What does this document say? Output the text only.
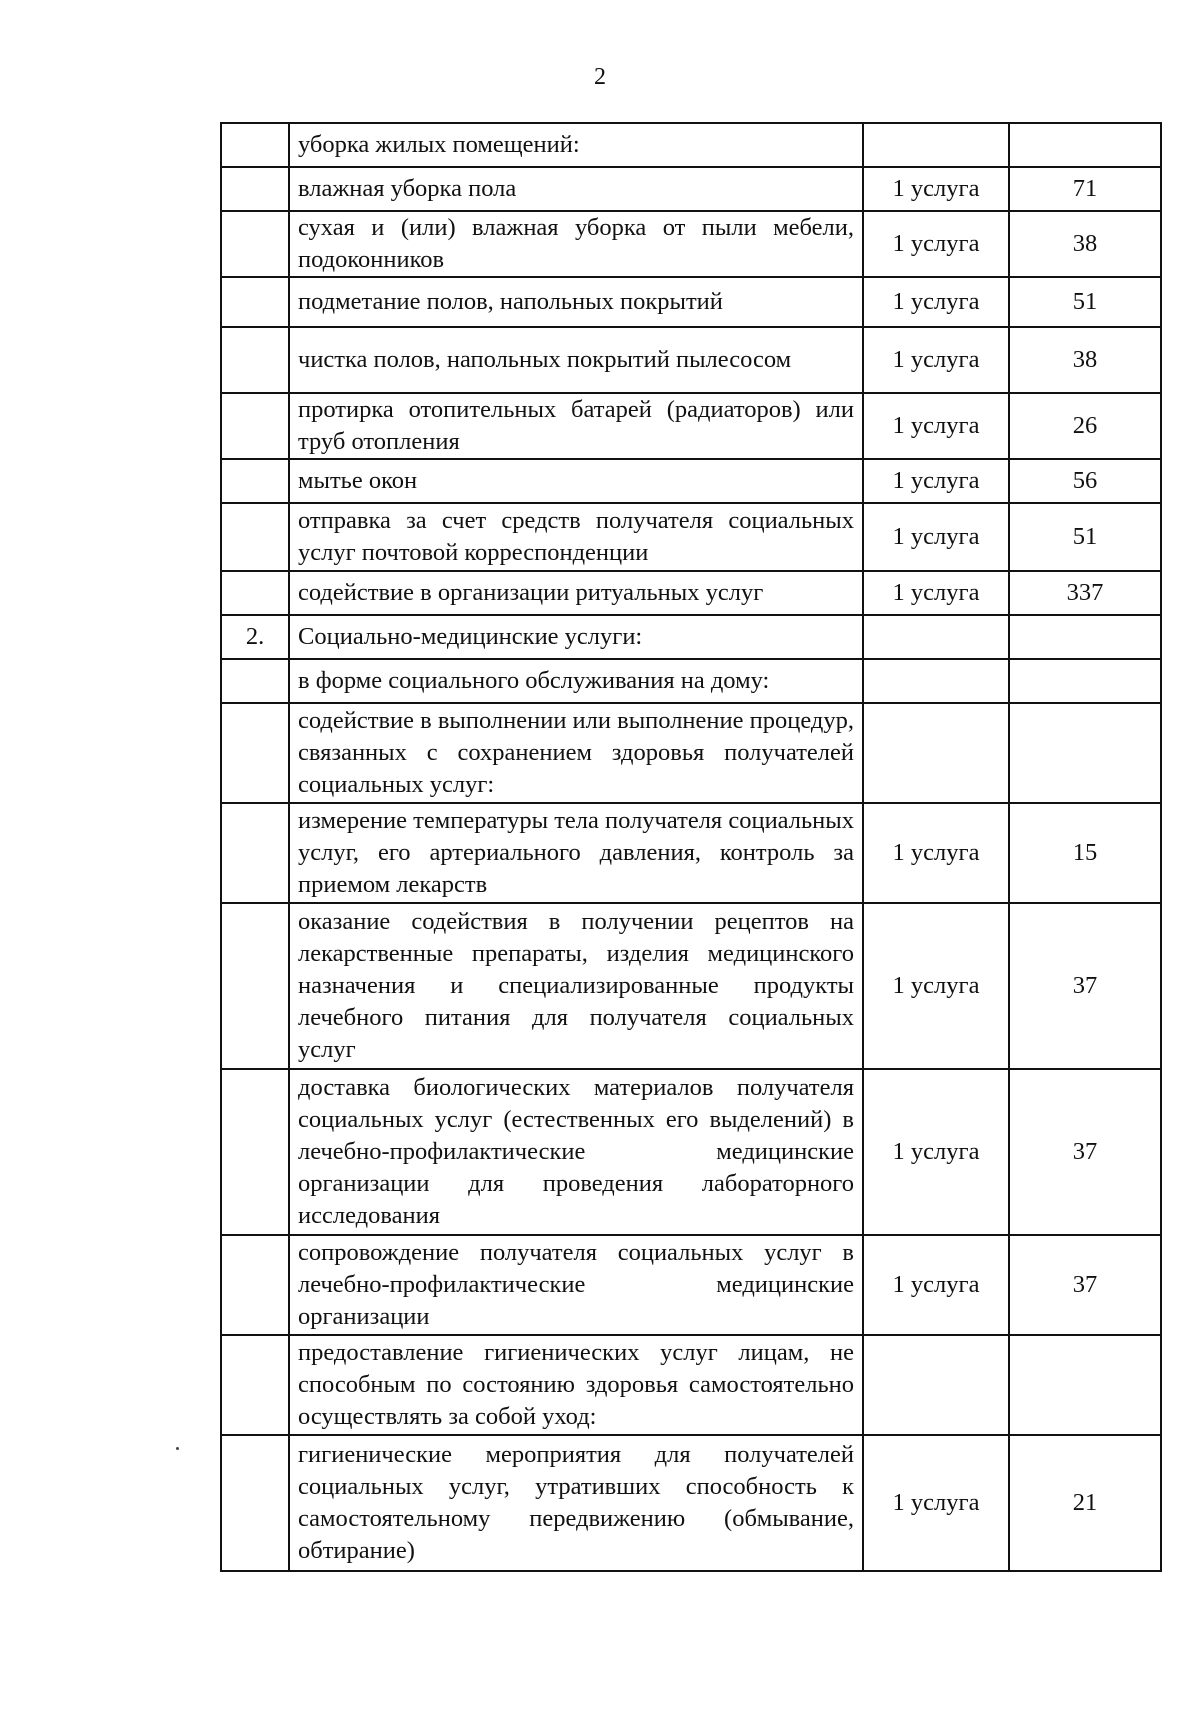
2
	уборка жилых помещений:		
	влажная уборка пола	1 услуга	71
	сухая и (или) влажная уборка от пыли мебели, подоконников	1 услуга	38
	подметание полов, напольных покрытий	1 услуга	51
	чистка полов, напольных покрытий пылесосом	1 услуга	38
	протирка отопительных батарей (радиаторов) или труб отопления	1 услуга	26
	мытье окон	1 услуга	56
	отправка за счет средств получателя социальных услуг почтовой корреспонденции	1 услуга	51
	содействие в организации ритуальных услуг	1 услуга	337
2.	Социально-медицинские услуги:		
	в форме социального обслуживания на дому:		
	содействие в выполнении или выполнение процедур, связанных с сохранением здоровья получателей социальных услуг:		
	измерение температуры тела получателя социальных услуг, его артериального давления, контроль за приемом лекарств	1 услуга	15
	оказание содействия в получении рецептов на лекарственные препараты, изделия медицинского назначения и специализированные продукты лечебного питания для получателя социальных услуг	1 услуга	37
	доставка биологических материалов получателя социальных услуг (естественных его выделений) в лечебно-профилактические медицинские организации для проведения лабораторного исследования	1 услуга	37
	сопровождение получателя социальных услуг в лечебно-профилактические медицинские организации	1 услуга	37
	предоставление гигиенических услуг лицам, не способным по состоянию здоровья самостоятельно осуществлять за собой уход:		
	гигиенические мероприятия для получателей социальных услуг, утративших способность к самостоятельному передвижению (обмывание, обтирание)	1 услуга	21
